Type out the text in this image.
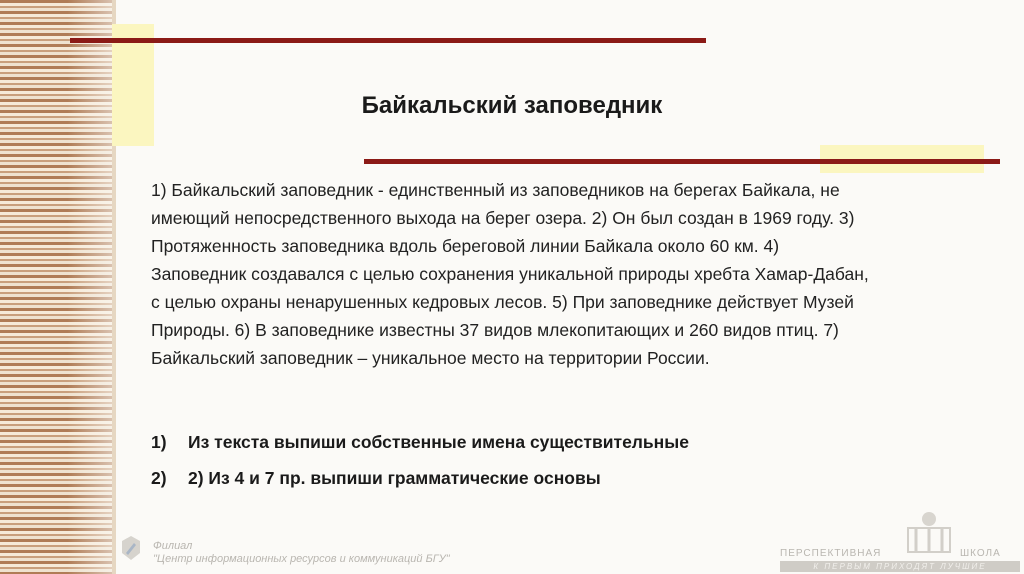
Байкальский заповедник
1) Байкальский заповедник - единственный из заповедников на берегах Байкала, не имеющий непосредственного выхода на берег озера. 2) Он был создан в 1969 году. 3) Протяженность заповедника вдоль береговой линии Байкала около 60 км. 4) Заповедник создавался с целью сохранения уникальной природы хребта Хамар-Дабан, с целью охраны ненарушенных кедровых лесов. 5) При заповеднике действует Музей Природы. 6) В заповеднике известны 37 видов млекопитающих и 260 видов птиц. 7) Байкальский заповедник – уникальное место на территории России.
1) Из текста выпиши собственные имена существительные
2) 2) Из 4 и 7 пр. выпиши грамматические основы
Филиал
"Центр информационных ресурсов и коммуникаций БГУ"	ПЕРСПЕКТИВНАЯ	ШКОЛА
К ПЕРВЫМ ПРИХОДЯТ ЛУЧШИЕ
